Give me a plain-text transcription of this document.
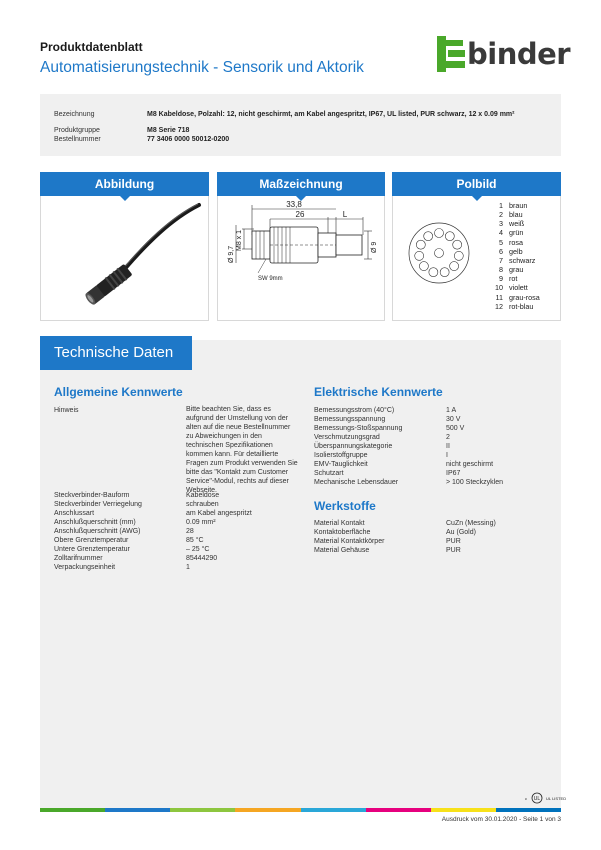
Produktdatenblatt
Automatisierungstechnik - Sensorik und Aktorik	binder
Bezeichnung	M8 Kabeldose, Polzahl: 12, nicht geschirmt, am Kabel angespritzt, IP67, UL listed, PUR schwarz, 12 x 0.09 mm²
Produktgruppe	M8 Serie 718
Bestellnummer	77 3406 0000 50012-0200
Abbildung	Maßzeichnung
33,8
26	L
M8 x 1
Ø 9,7	Ø 9
SW 9mm
Polbild
1 braun
2 blau
3 weiß
4 grün
5 rosa
6 gelb
7 schwarz
8 grau
9 rot
10 violett
11 grau-rosa
12 rot-blau
Technische Daten
Allgemeine Kennwerte
Hinweis	Bitte beachten Sie, dass es aufgrund der Umstellung von der alten auf die neue Bestellnummer zu Abweichungen in den technischen Spezifikationen kommen kann. Für detaillierte Fragen zum Produkt verwenden Sie bitte das "Kontakt zum Customer Service"-Modul, rechts auf dieser Webseite.
Steckverbinder-Bauform	Kabeldose
Steckverbinder Verriegelung	schrauben
Anschlussart	am Kabel angespritzt
Anschlußquerschnitt (mm)	0.09 mm²
Anschlußquerschnitt (AWG)	28
Obere Grenztemperatur	85 °C
Untere Grenztemperatur	– 25 °C
Zolltarifnummer	85444290
Verpackungseinheit	1
Elektrische Kennwerte
Bemessungsstrom (40°C)	1 A
Bemessungsspannung	30 V
Bemessungs-Stoßspannung	500 V
Verschmutzungsgrad	2
Überspannungskategorie	II
Isolierstoffgruppe	I
EMV-Tauglichkeit	nicht geschirmt
Schutzart	IP67
Mechanische Lebensdauer	> 100 Steckzyklen
Werkstoffe
Material Kontakt	CuZn (Messing)
Kontaktoberfläche	Au (Gold)
Material Kontaktkörper	PUR
Material Gehäuse	PUR
UL
c	UL LISTED
Ausdruck vom 30.01.2020 - Seite 1 von 3
